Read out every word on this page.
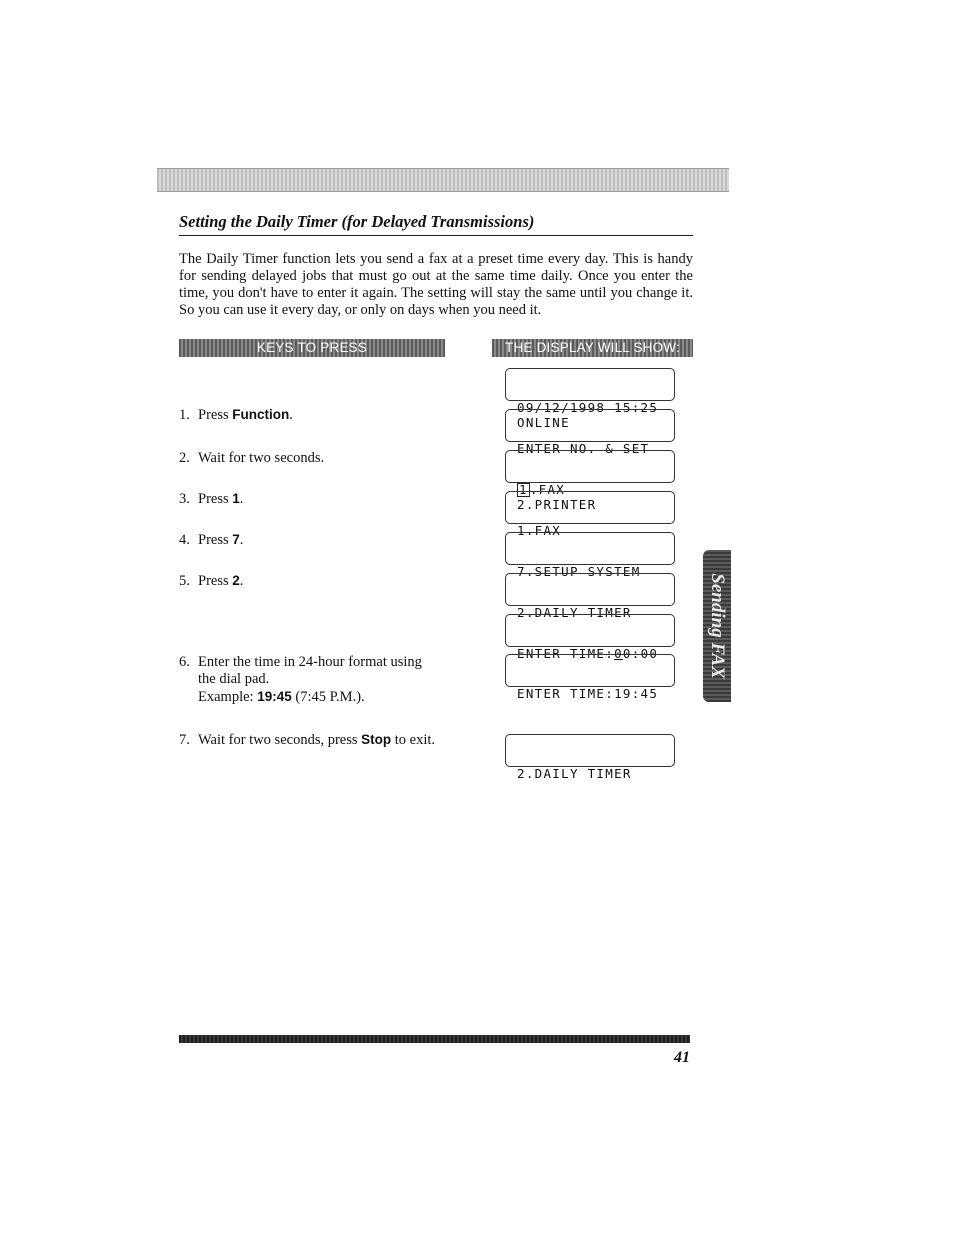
Setting the Daily Timer (for Delayed Transmissions)
The Daily Timer function lets you send a fax at a preset time every day. This is handy for sending delayed jobs that must go out at the same time daily. Once you enter the time, you don't have to enter it again. The setting will stay the same until you change it. So you can use it every day, or only on days when you need it.
KEYS TO PRESS	THE DISPLAY WILL SHOW:
1. Press Function.
2. Wait for two seconds.
3. Press 1.
4. Press 7.
5. Press 2.
6. Enter the time in 24-hour format using
the dial pad.
Example: 19:45 (7:45 P.M.).
7. Wait for two seconds, press Stop to exit.

09/12/1998 15:25
ONLINE

ENTER NO. & SET

1 .FAX
2.PRINTER

1.FAX

7.SETUP SYSTEM

2.DAILY TIMER

ENTER TIME:00:00

ENTER TIME:19:45

2.DAILY TIMER

Sending FAX
41
